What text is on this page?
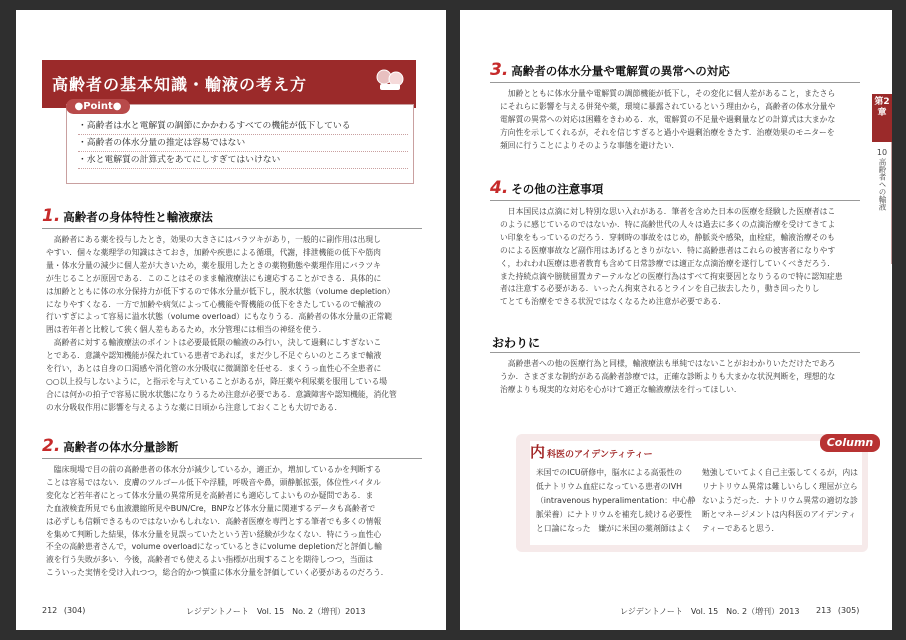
高齢者の基本知識・輸液の考え方
●Point●
・高齢者は水と電解質の調節にかかわるすべての機能が低下している
・高齢者の体水分量の推定は容易ではない
・水と電解質の計算式をあてにしすぎてはいけない
1. 高齢者の身体特性と輸液療法

　高齢者にある薬を投与したとき，効果の大きさにはバラツキがあり，一般的に副作用は出現し

やすい．個々な薬理学の知識はさておき，加齢や疾患による循環，代謝，排泄機能の低下や筋肉

量・体水分量の減少に個人差が大きいため，薬を服用したときの薬物動態や薬理作用にバラツキ

が生じることが原因である．このことはそのまま輸液療法にも適応することができる．具体的に

は加齢とともに体の水分保持力が低下するので体水分量が低下し，脱水状態（volume depletion）

になりやすくなる．一方で加齢や病気によって心機能や腎機能の低下をきたしているので輸液の

行いすぎによって容易に溢水状態（volume overload）にもなりうる．高齢者の体水分量の正常範

囲は若年者と比較して狭く個人差もあるため，水分管理には相当の神経を使う．

　高齢者に対する輸液療法のポイントは必要最低限の輸液のみ行い，決して過剰にしすぎないこ

とである．意識や認知機能が保たれている患者であれば，まだ少し不足ぐらいのところまで輸液

を行い，あとは自身の口渇感や消化管の水分吸収に微調節を任せる．まくうっ血性心不全患者に

○○以上投与しないように，と指示を与えていることがあるが，降圧薬や利尿薬を服用している場

合には何かの拍子で容易に脱水状態になりうるため注意が必要である．意識障害や認知機能，消化管

の水分吸収作用に影響を与えるような薬に日頃から注意しておくことも大切である．

2. 高齢者の体水分量診断

　臨床現場で目の前の高齢患者の体水分が減少しているか，適正か，増加しているかを判断する

ことは容易ではない．皮膚のツルゴール低下や浮腫，呼吸音や鼻，頭静脈拡張，体位性バイタル

変化など若年者にとって体水分量の異常所見を高齢者にも適応してよいものか疑問である．ま

た血液検査所見でも血液濃縮所見やBUN/Cre，BNPなど体水分量に関連するデータも高齢者で

は必ずしも信頼できるものではないかもしれない．高齢者医療を専門とする筆者でも多くの情報

を集めて判断した結果，体水分量を見誤っていたという苦い経験が少なくない．特にうっ血性心

不全の高齢患者さんで，volume overloadになっているときにvolume depletionだと評価し輸

液を行う失敗が多い．今後，高齢者でも使えるよい指標が出現することを期待しつつ，当面は

こういった実情を受け入れつつ，総合的かつ慎重に体水分量を評価していく必要があるのだろう．

212 (304)	レジデントノート　Vol. 15　No. 2（増刊）2013
3. 高齢者の体水分量や電解質の異常への対応

　加齢とともに体水分量や電解質の調節機能が低下し，その変化に個人差があること，またさら

にそれらに影響を与える併発や薬，環境に暴露されているという理由から，高齢者の体水分量や

電解質の異常への対応は困難をきわめる．水，電解質の不足量や過剰量などの計算式は大まかな

方向性を示してくれるが，それを信じすぎると過小や過剰治療をきたす．治療効果のモニターを

頻回に行うことによりそのような事態を避けたい．

4. その他の注意事項

　日本国民は点滴に対し特別な思い入れがある．筆者を含めた日本の医療を経験した医療者はこ

のように感じているのではないか．特に高齢世代の人々は過去に多くの点滴治療を受けてきてよ

い印象をもっているのだろう．穿刺時の事故をはじめ，静脈炎や感染，血栓症，輸液治療そのも

のによる医療事故など副作用はあげるときりがない．特に高齢患者はこれらの被害者になりやす

く，われわれ医療は患者教育も含めて日常診療では適正な点滴治療を遂行していくべきだろう．

また持続点滴や膀胱留置カテーテルなどの医療行為はすべて拘束要因となりうるので特に認知症患

者は注意する必要がある．いったん拘束されるとラインを自己抜去したり，動き回ったりし

てとても治療をできる状況ではなくなるため注意が必要である．

おわりに

　高齢患者への他の医療行為と同様，輸液療法も単純ではないことがおわかりいただけたであろ

うか．さまざまな制約がある高齢者診療では，正確な診断よりも大まかな状況判断を，理想的な

治療よりも現実的な対応を心がけて適正な輸液療法を行ってほしい．

Column
内 科医のアイデンティティー

米国でのICU研修中，脳水による高張性の

低ナトリウム血症になっている患者のIVH

（intravenous hyperalimentation：中心静

脈栄養）にナトリウムを補充し続ける必要性

と口論になった　嫌がに米国の薬剤師はよく

勉強していてよく自己主張してくるが，内は

リナトリウム異常は難しいらしく理屈が立ら

ないようだった．ナトリウム異常の適切な診

断とマネージメントは内科医のアイデンティ

ティーであると思う．

第2章
10
高齢者への輸液
レジデントノート　Vol. 15　No. 2（増刊）2013 213 (305)
